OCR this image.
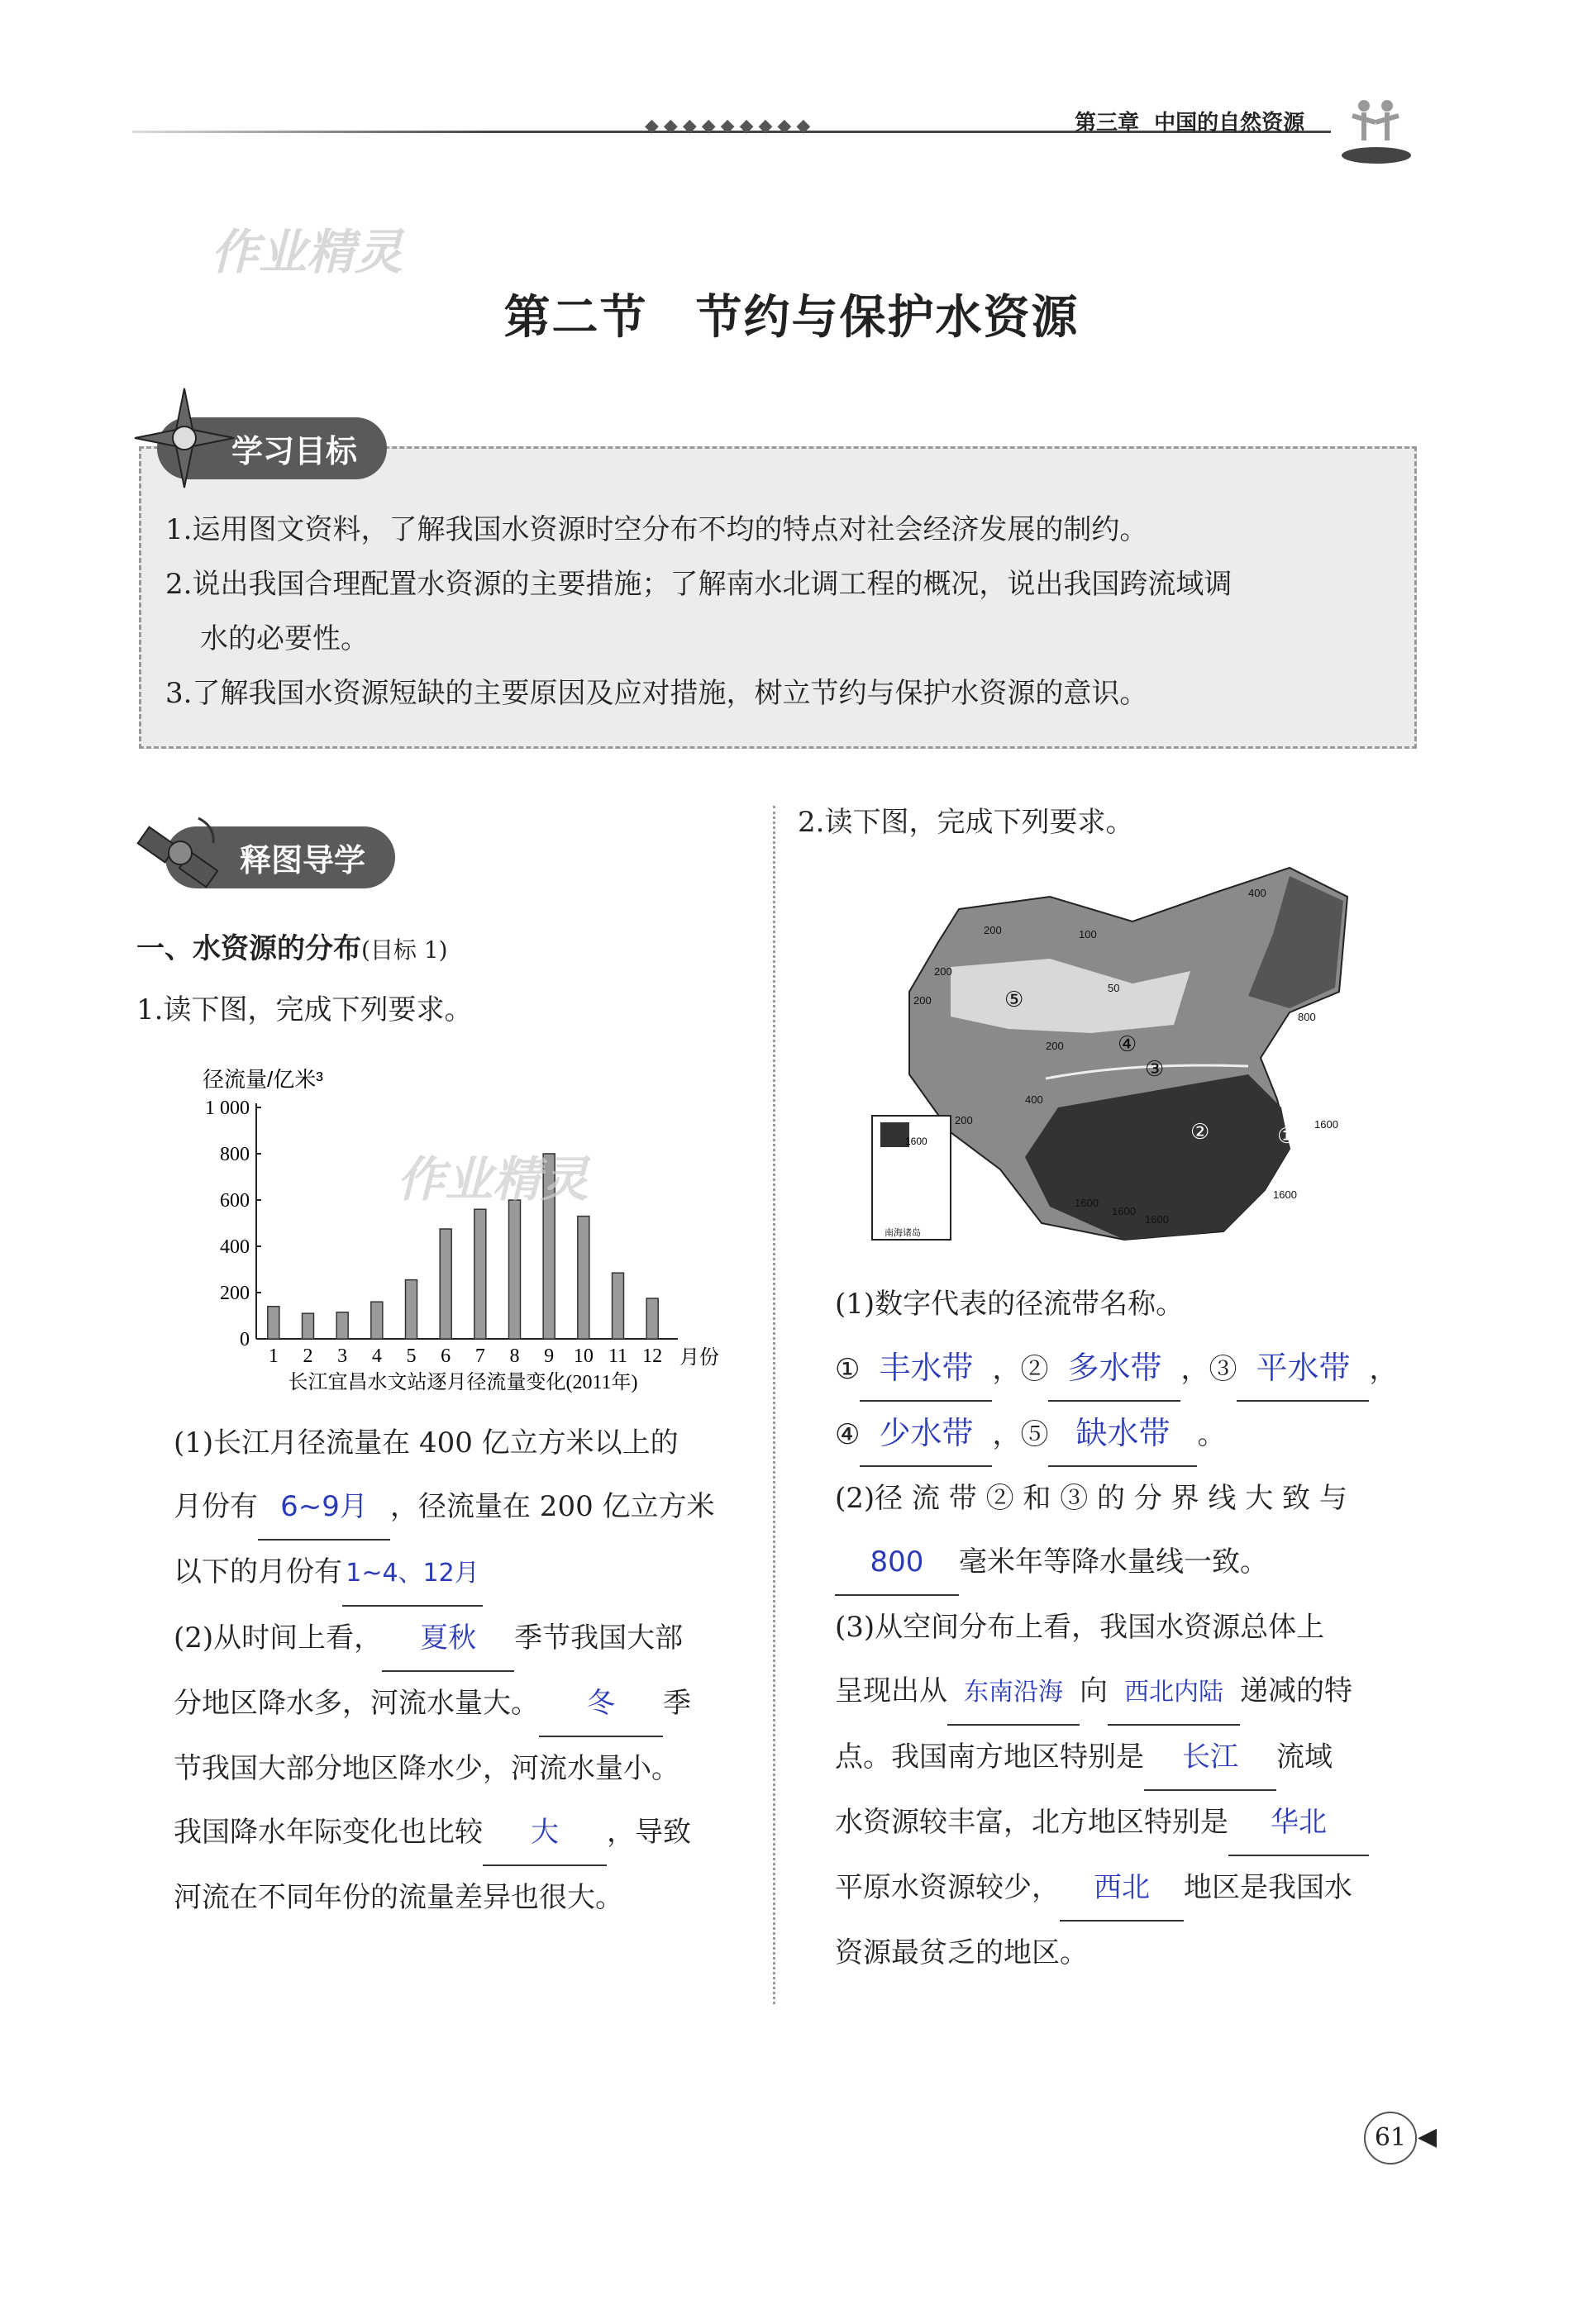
◆◆◆◆◆◆◆◆◆	第三章 中国的自然资源
作业精灵
第二节　节约与保护水资源
学习目标
1.运用图文资料，了解我国水资源时空分布不均的特点对社会经济发展的制约。
2.说出我国合理配置水资源的主要措施；了解南水北调工程的概况，说出我国跨流域调
水的必要性。
3.了解我国水资源短缺的主要原因及应对措施，树立节约与保护水资源的意识。
释图导学
一、水资源的分布(目标 1)
1.读下图，完成下列要求。
径流量/亿米³
0
200
400
600
800
1 000
1 2 3 4 5 6 7 8 9 10 11 12 月份
长江宜昌水文站逐月径流量变化(2011年)
作业精灵
(1)长江月径流量在 400 亿立方米以上的
月份有 6~9月 ，径流量在 200 亿立方米
以下的月份有 1~4、12月
(2)从时间上看， 夏秋 季节我国大部
分地区降水多，河流水量大。 冬 季
节我国大部分地区降水少，河流水量小。
我国降水年际变化也比较 大 ，导致
河流在不同年份的流量差异也很大。
2.读下图，完成下列要求。
400
200	100
50
800
200
400
1600
1600
1600
1600
1600
200
200
200
①
②
③
④
⑤
1600
南海诸岛
(1)数字代表的径流带名称。
① 丰水带 ，② 多水带 ，③ 平水带 ，
④ 少水带 ，⑤ 缺水带 。
(2)径 流 带 ② 和 ③ 的 分 界 线 大 致 与
800 毫米年等降水量线一致。
(3)从空间分布上看，我国水资源总体上
呈现出从 东南沿海 向 西北内陆 递减的特
点。我国南方地区特别是 长江 流域
水资源较丰富，北方地区特别是 华北
平原水资源较少， 西北 地区是我国水
资源最贫乏的地区。
61 ◀
